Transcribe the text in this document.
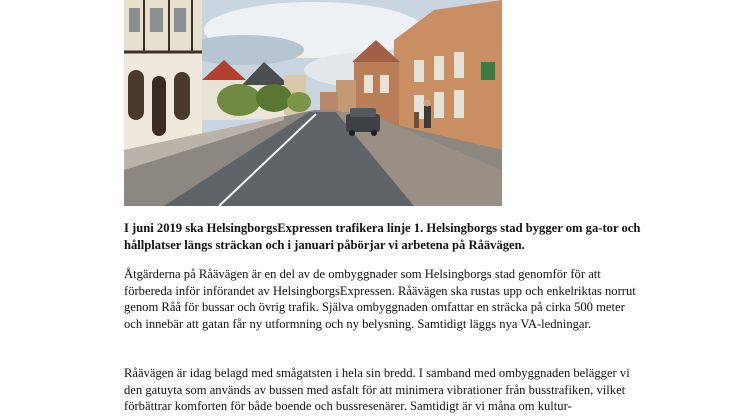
I juni 2019 ska HelsingborgsExpressen trafikera linje 1. Helsingborgs stad bygger om ga-tor och hållplatser längs sträckan och i januari påbörjar vi arbetena på Råävägen.

Åtgärderna på Råävägen är en del av de ombyggnader som Helsingborgs stad genomför för att förbereda inför införandet av HelsingborgsExpressen. Råävägen ska rustas upp och enkelriktas norrut genom Råå för bussar och övrig trafik. Själva ombyggnaden omfattar en sträcka på cirka 500 meter och innebär att gatan får ny utformning och ny belysning. Samtidigt läggs nya VA-ledningar.

Råävägen är idag belagd med smågatsten i hela sin bredd. I samband med ombyggnaden belägger vi den gatuyta som används av bussen med asfalt för att minimera vibrationer från busstrafiken, vilket förbättrar komforten för både boende och bussresenärer. Samtidigt är vi måna om kultur-
